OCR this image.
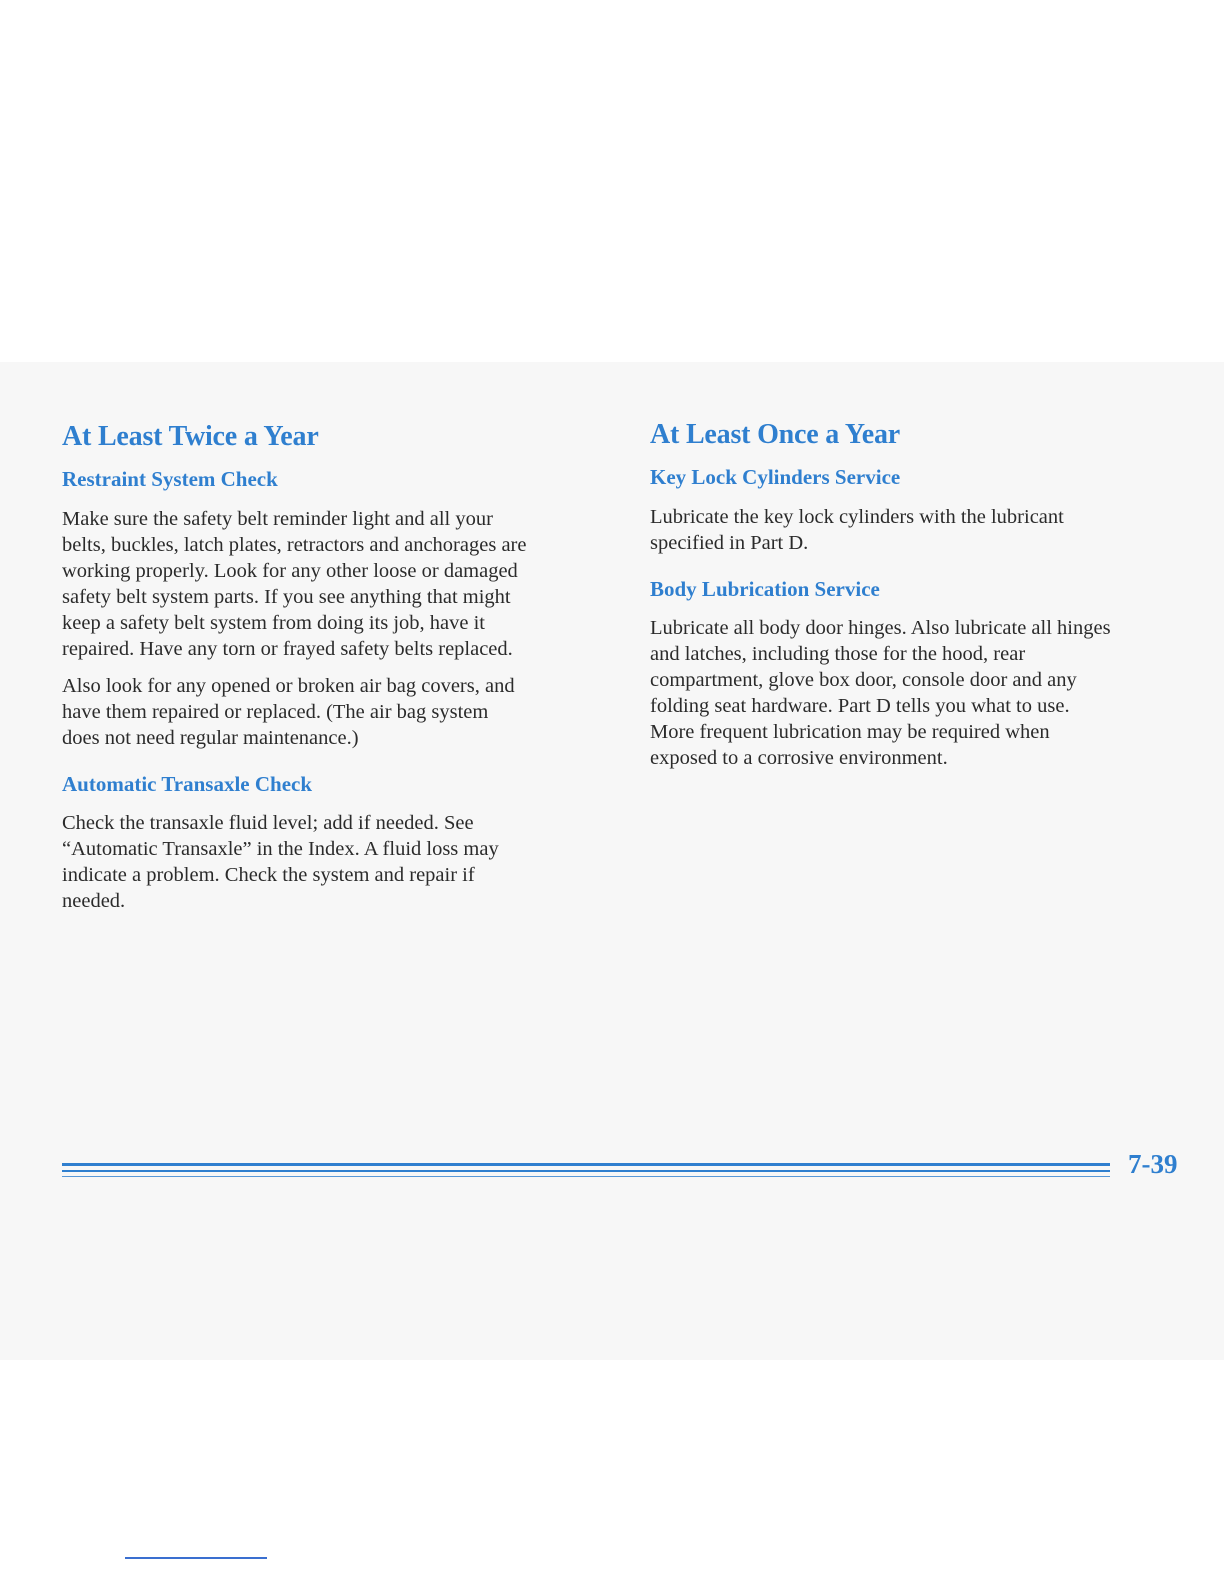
At Least Twice a Year
Restraint System Check

Make sure the safety belt reminder light and all your
belts, buckles, latch plates, retractors and anchorages are
working properly. Look for any other loose or damaged
safety belt system parts. If you see anything that might
keep a safety belt system from doing its job, have it
repaired. Have any torn or frayed safety belts replaced.

Also look for any opened or broken air bag covers, and
have them repaired or replaced. (The air bag system
does not need regular maintenance.)

Automatic Transaxle Check

Check the transaxle fluid level; add if needed. See
“Automatic Transaxle” in the Index. A fluid loss may
indicate a problem. Check the system and repair if
needed.

At Least Once a Year
Key Lock Cylinders Service

Lubricate the key lock cylinders with the lubricant
specified in Part D.

Body Lubrication Service

Lubricate all body door hinges. Also lubricate all hinges
and latches, including those for the hood, rear
compartment, glove box door, console door and any
folding seat hardware. Part D tells you what to use.
More frequent lubrication may be required when
exposed to a corrosive environment.

7-39
